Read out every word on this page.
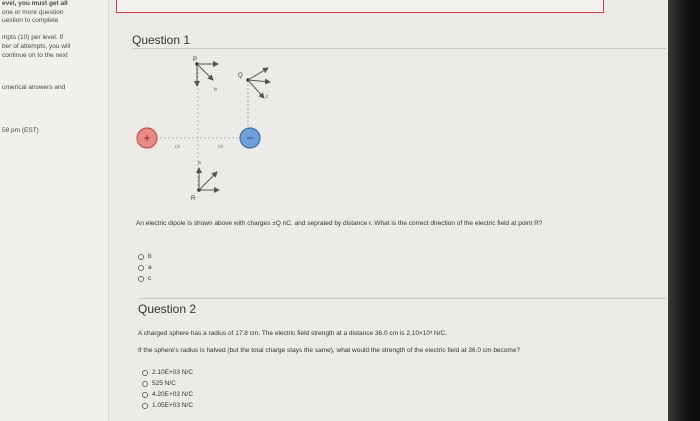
evel, you must get all
one or more question
uestion to complete
mpts (10) per level. If
ber of attempts, you will
continue on to the next
umerical answers and
58 pm (EST)
Question 1
P
b
Q
c
+	−
r/2	r/2
R
a
An electric dipole is shown above with charges ±Q nC, and seprated by distance r. What is the correct direction of the electric field at point R?
b
a
c
Question 2
A charged sphere has a radius of 17.8 cm. The electric field strength at a distance 36.0 cm is 2.10×10³ N/C.
If the sphere's radius is halved (but the total charge stays the same), what would the strength of the electric field at 36.0 cm become?
2.10E+03 N/C
525 N/C
4.20E+03 N/C
1.05E+03 N/C
